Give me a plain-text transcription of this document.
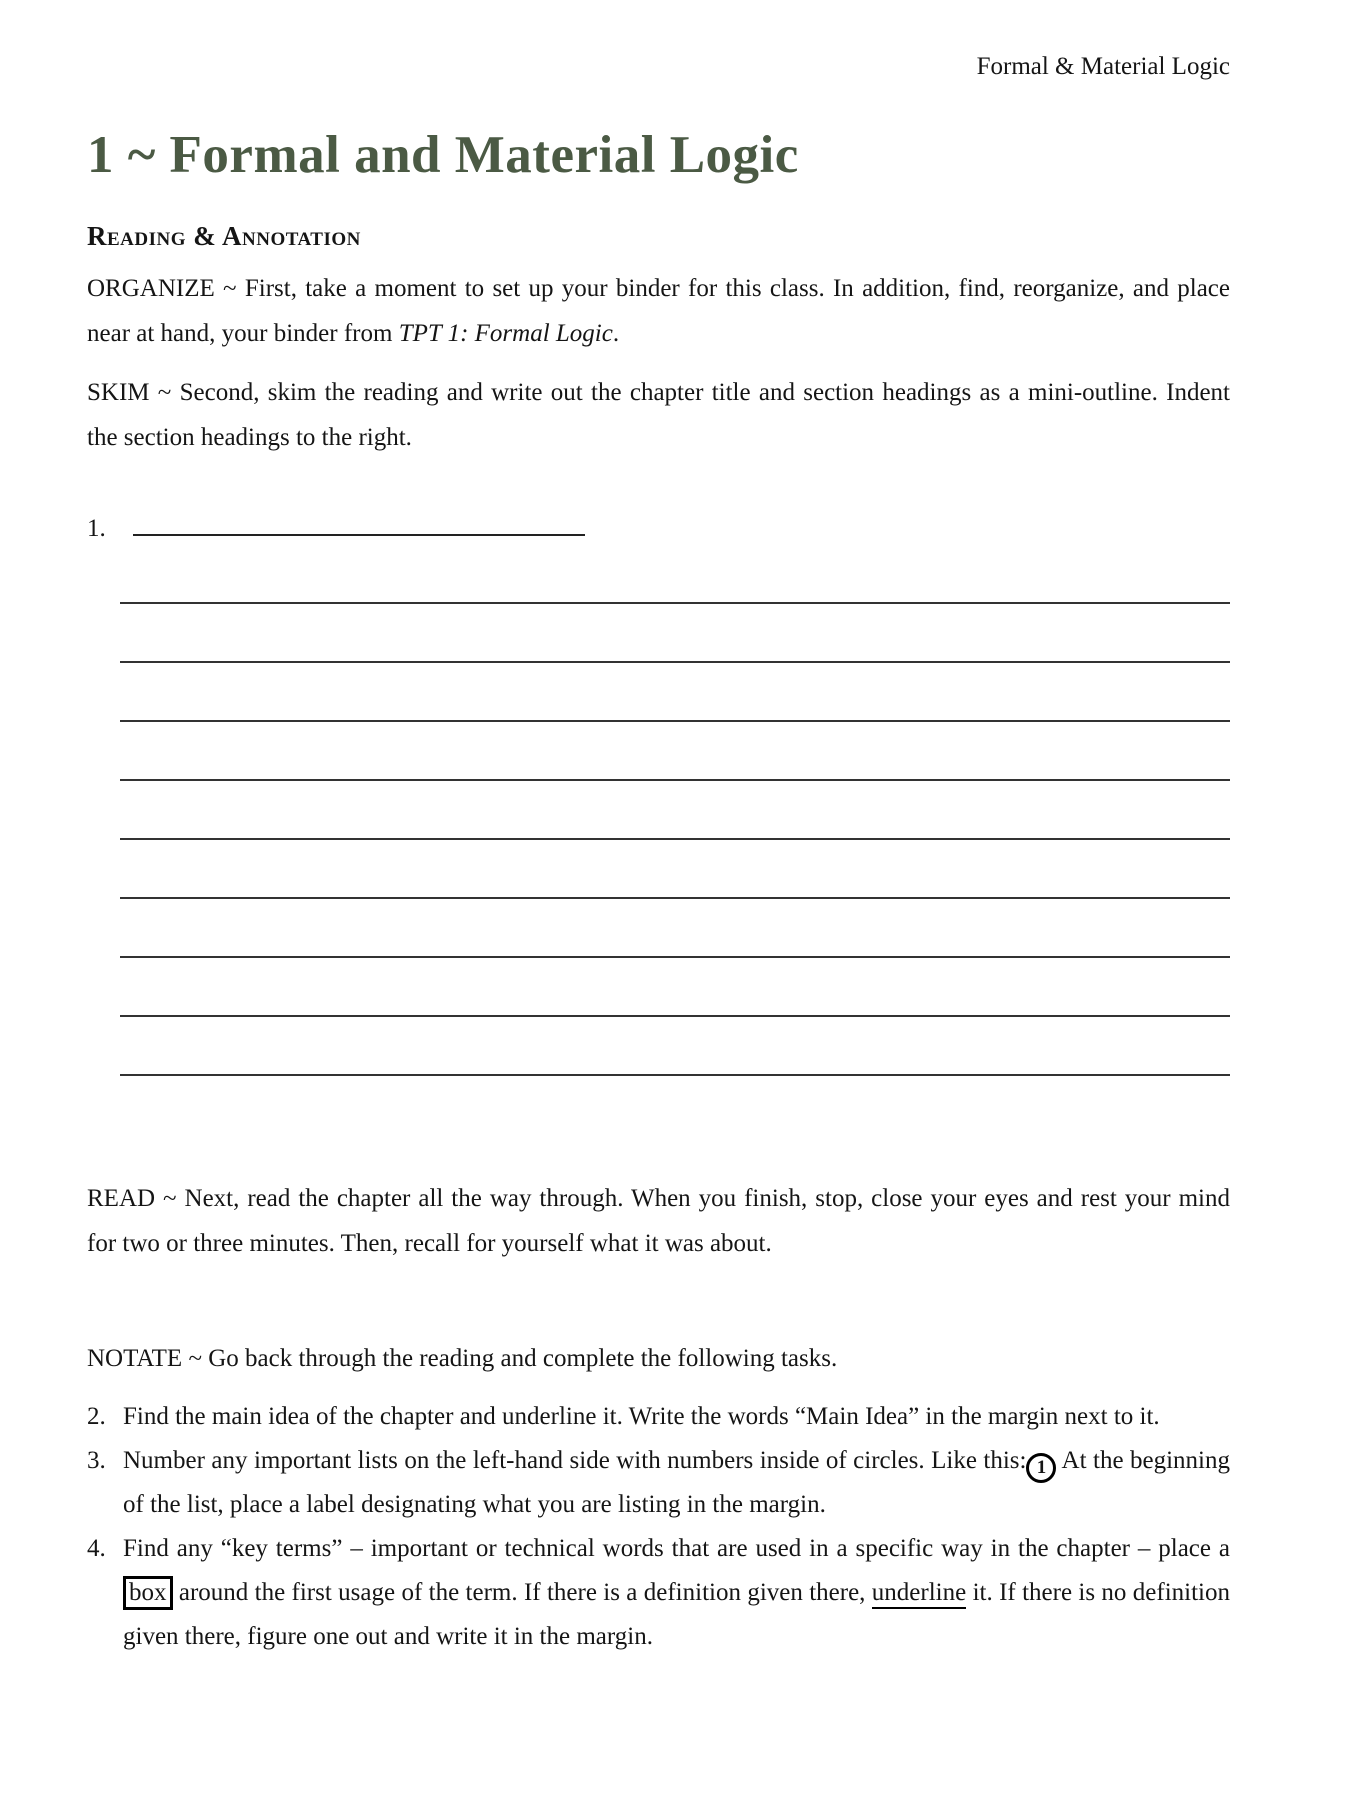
Formal & Material Logic
1 ~ Formal and Material Logic
Reading & Annotation

ORGANIZE ~ First, take a moment to set up your binder for this class. In addition, find, reorganize, and place near at hand, your binder from TPT 1: Formal Logic.

SKIM ~ Second, skim the reading and write out the chapter title and section headings as a mini-outline. Indent the section headings to the right.

1.

READ ~ Next, read the chapter all the way through. When you finish, stop, close your eyes and rest your mind for two or three minutes. Then, recall for yourself what it was about.

NOTATE ~ Go back through the reading and complete the following tasks.

2. Find the main idea of the chapter and underline it. Write the words “Main Idea” in the margin next to it.
3. Number any important lists on the left-hand side with numbers inside of circles. Like this: 1 At the beginning of the list, place a label designating what you are listing in the margin.
4. Find any “key terms” – important or technical words that are used in a specific way in the chapter – place a box around the first usage of the term. If there is a definition given there, underline it. If there is no definition given there, figure one out and write it in the margin.
